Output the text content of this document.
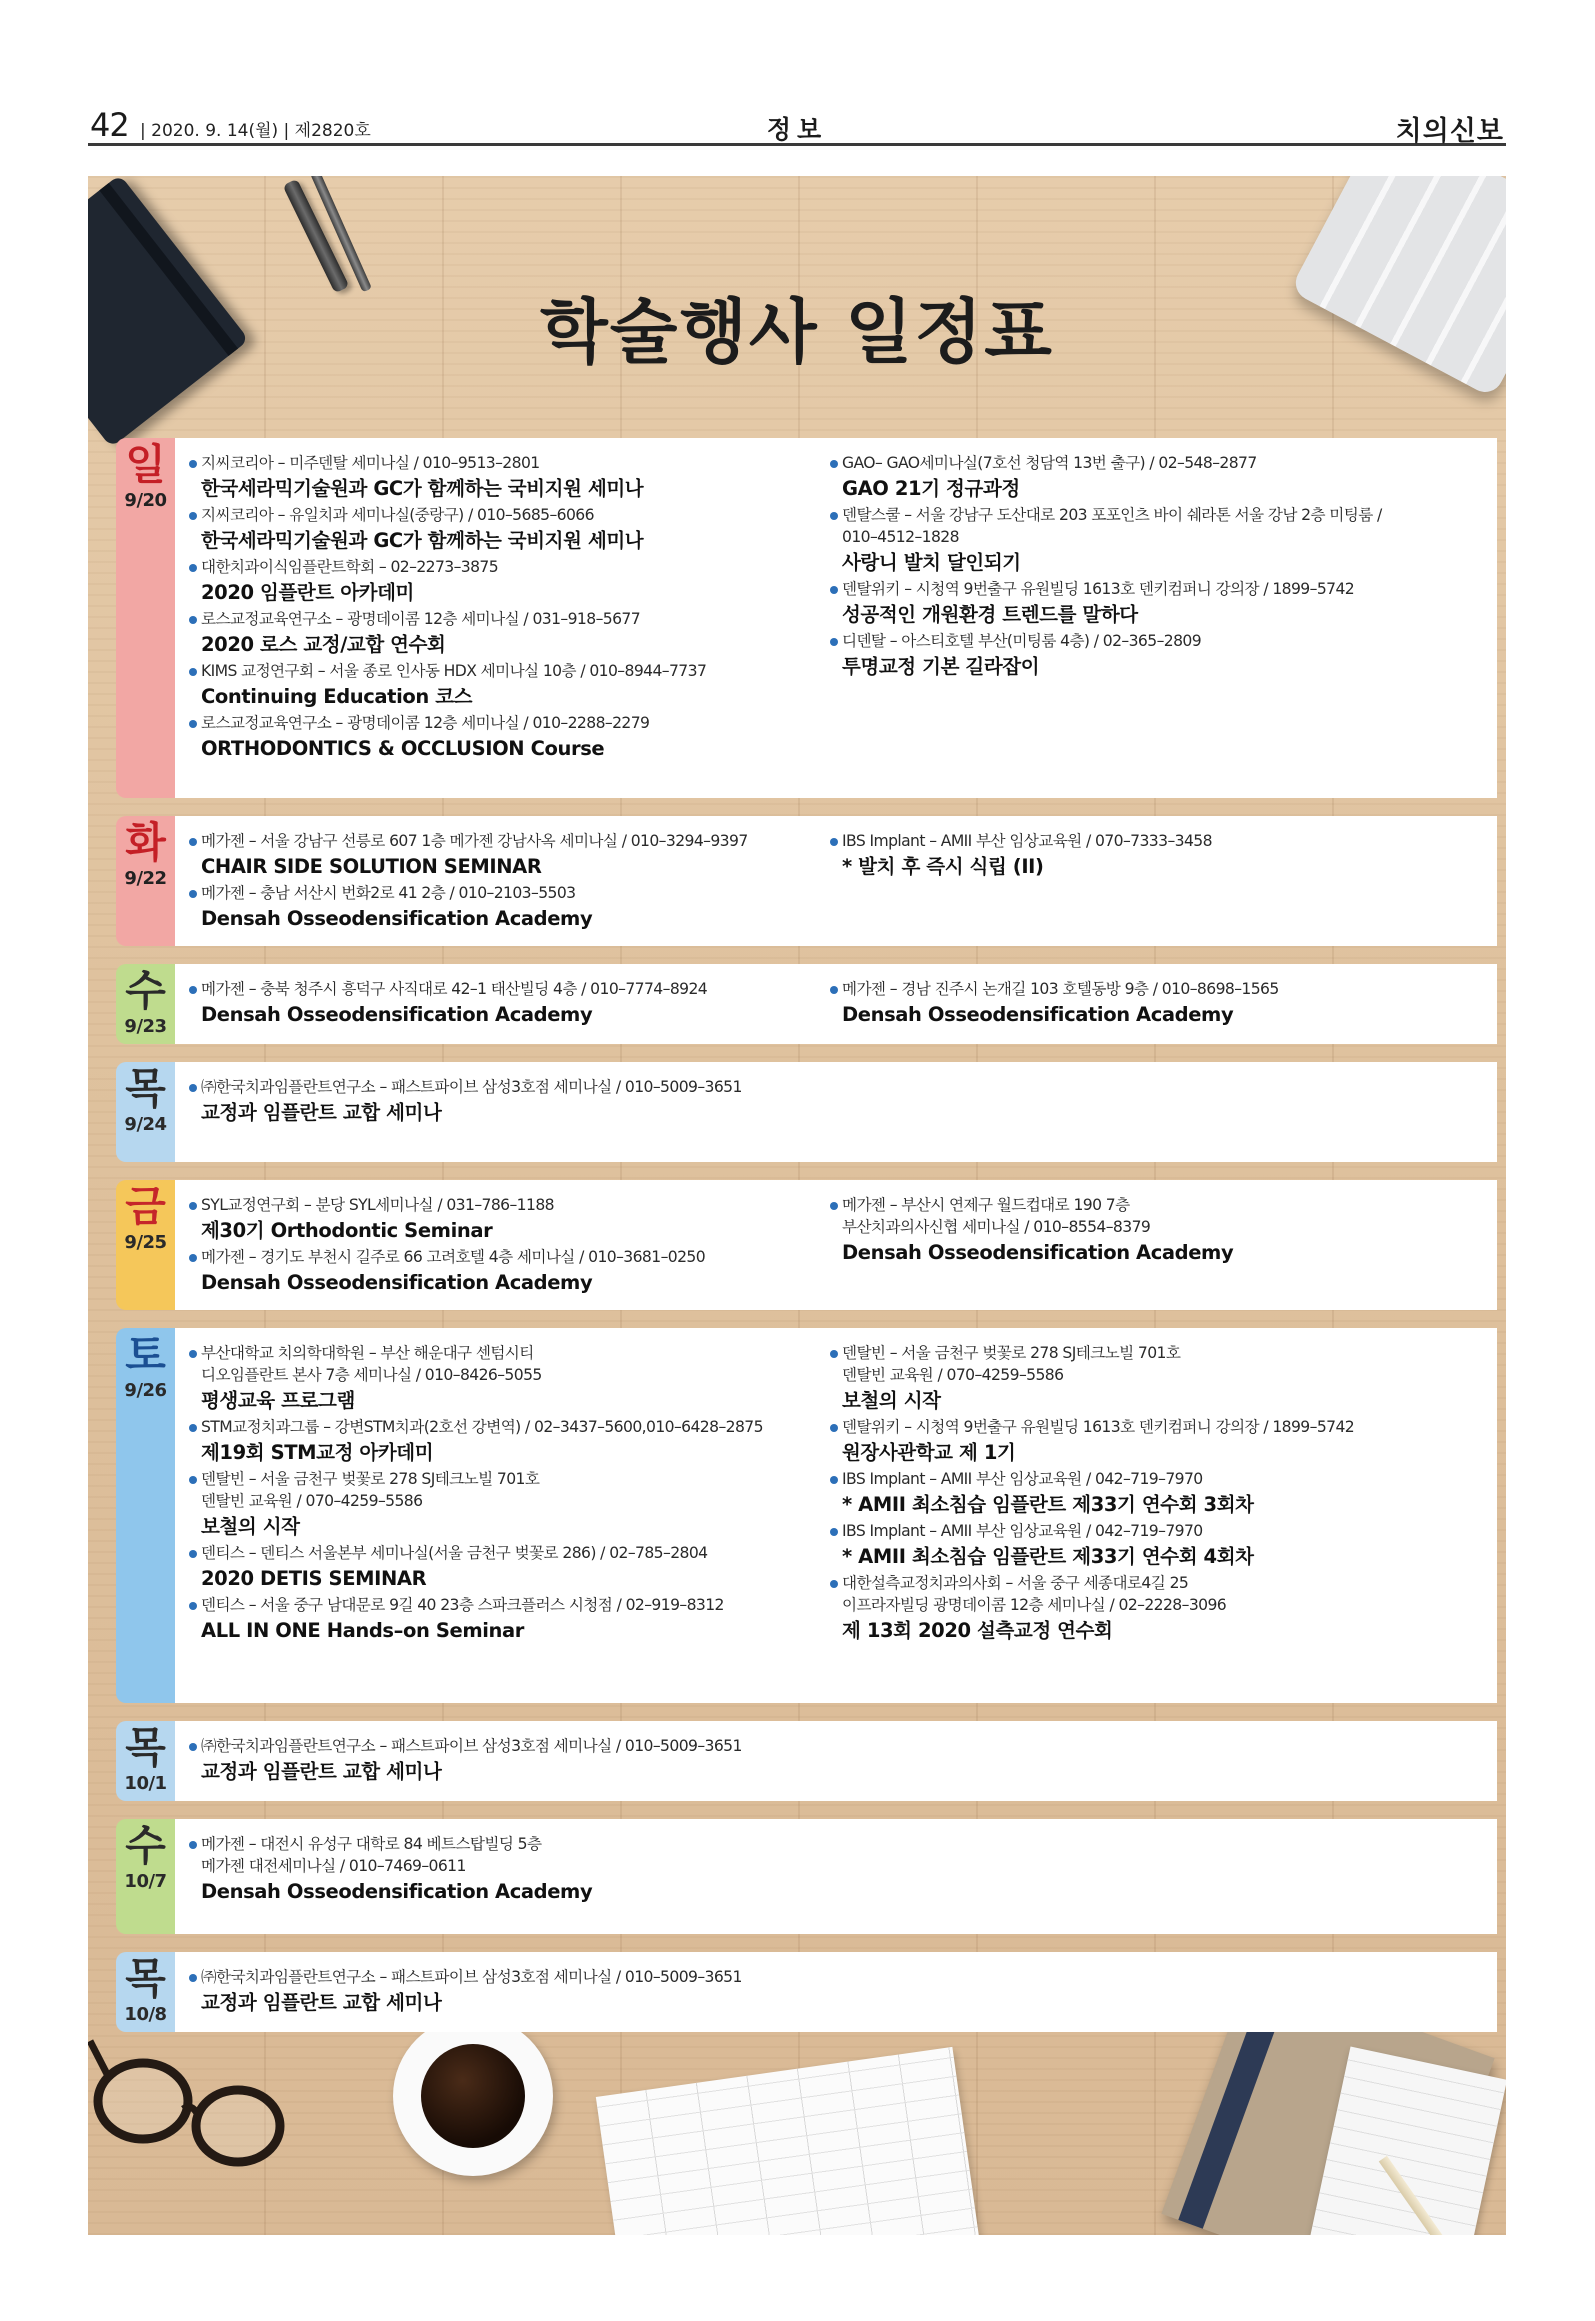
42 | 2020. 9. 14(월) | 제2820호	정보	치의신보
학술행사 일정표
일
9/20
지씨코리아 – 미주덴탈 세미나실 / 010–9513–2801
한국세라믹기술원과 GC가 함께하는 국비지원 세미나
지씨코리아 – 유일치과 세미나실(중랑구) / 010–5685–6066
한국세라믹기술원과 GC가 함께하는 국비지원 세미나
대한치과이식임플란트학회 – 02–2273–3875
2020 임플란트 아카데미
로스교정교육연구소 – 광명데이콤 12층 세미나실 / 031–918–5677
2020 로스 교정/교합 연수회
KIMS 교정연구회 – 서울 종로 인사동 HDX 세미나실 10층 / 010–8944–7737
Continuing Education 코스
로스교정교육연구소 – 광명데이콤 12층 세미나실 / 010–2288–2279
ORTHODONTICS & OCCLUSION Course
GAO– GAO세미나실(7호선 청담역 13번 출구) / 02–548–2877
GAO 21기 정규과정
덴탈스쿨 – 서울 강남구 도산대로 203 포포인츠 바이 쉐라톤 서울 강남 2층 미팅룸 /
010–4512–1828
사랑니 발치 달인되기
덴탈위키 – 시청역 9번출구 유원빌딩 1613호 덴키컴퍼니 강의장 / 1899–5742
성공적인 개원환경 트렌드를 말하다
디덴탈 – 아스티호텔 부산(미팅룸 4층) / 02–365–2809
투명교정 기본 길라잡이
화
9/22
메가젠 – 서울 강남구 선릉로 607 1층 메가젠 강남사옥 세미나실 / 010–3294–9397
CHAIR SIDE SOLUTION SEMINAR
메가젠 – 충남 서산시 번화2로 41 2층 / 010–2103–5503
Densah Osseodensification Academy
IBS Implant – AMII 부산 임상교육원 / 070–7333–3458
* 발치 후 즉시 식립 (II)
수
9/23
메가젠 – 충북 청주시 흥덕구 사직대로 42–1 태산빌딩 4층 / 010–7774–8924
Densah Osseodensification Academy
메가젠 – 경남 진주시 논개길 103 호텔동방 9층 / 010–8698–1565
Densah Osseodensification Academy
목
9/24
㈜한국치과임플란트연구소 – 패스트파이브 삼성3호점 세미나실 / 010–5009–3651
교정과 임플란트 교합 세미나
금
9/25
SYL교정연구회 – 분당 SYL세미나실 / 031–786–1188
제30기 Orthodontic Seminar
메가젠 – 경기도 부천시 길주로 66 고려호텔 4층 세미나실 / 010–3681–0250
Densah Osseodensification Academy
메가젠 – 부산시 연제구 월드컵대로 190 7층
부산치과의사신협 세미나실 / 010–8554–8379
Densah Osseodensification Academy
토
9/26
부산대학교 치의학대학원 – 부산 해운대구 센텀시티
디오임플란트 본사 7층 세미나실 / 010–8426–5055
평생교육 프로그램
STM교정치과그룹 – 강변STM치과(2호선 강변역) / 02–3437–5600,010–6428–2875
제19회 STM교정 아카데미
덴탈빈 – 서울 금천구 벚꽃로 278 SJ테크노빌 701호
덴탈빈 교육원 / 070–4259–5586
보철의 시작
덴티스 – 덴티스 서울본부 세미나실(서울 금천구 벚꽃로 286) / 02–785–2804
2020 DETIS SEMINAR
덴티스 – 서울 중구 남대문로 9길 40 23층 스파크플러스 시청점 / 02–919–8312
ALL IN ONE Hands–on Seminar
덴탈빈 – 서울 금천구 벚꽃로 278 SJ테크노빌 701호
덴탈빈 교육원 / 070–4259–5586
보철의 시작
덴탈위키 – 시청역 9번출구 유원빌딩 1613호 덴키컴퍼니 강의장 / 1899–5742
원장사관학교 제 1기
IBS Implant – AMII 부산 임상교육원 / 042–719–7970
* AMII 최소침습 임플란트 제33기 연수회 3회차
IBS Implant – AMII 부산 임상교육원 / 042–719–7970
* AMII 최소침습 임플란트 제33기 연수회 4회차
대한설측교정치과의사회 – 서울 중구 세종대로4길 25
이프라자빌딩 광명데이콤 12층 세미나실 / 02–2228–3096
제 13회 2020 설측교정 연수회
목
10/1
㈜한국치과임플란트연구소 – 패스트파이브 삼성3호점 세미나실 / 010–5009–3651
교정과 임플란트 교합 세미나
수
10/7
메가젠 – 대전시 유성구 대학로 84 베트스탑빌딩 5층
메가젠 대전세미나실 / 010–7469–0611
Densah Osseodensification Academy
목
10/8
㈜한국치과임플란트연구소 – 패스트파이브 삼성3호점 세미나실 / 010–5009–3651
교정과 임플란트 교합 세미나
